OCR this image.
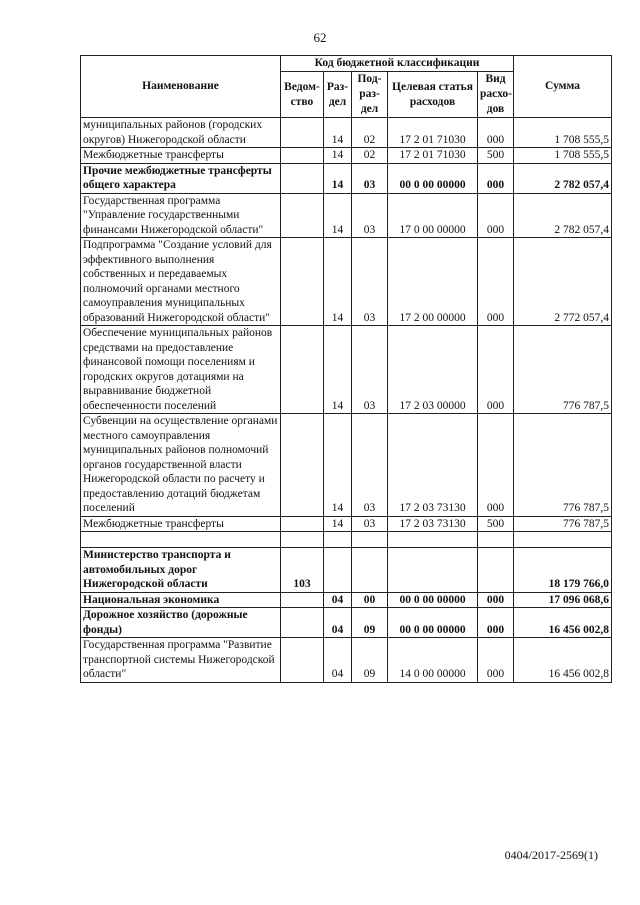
62
Наименование	Код бюджетной классификации					Сумма
	Ведом-ство	Раз-дел	Под-раз-дел	Целевая статья расходов	Вид расхо-дов	
муниципальных районов (городских округов) Нижегородской области		14	02	17 2 01 71030	000	1 708 555,5
Межбюджетные трансферты		14	02	17 2 01 71030	500	1 708 555,5
Прочие межбюджетные трансферты общего характера		14	03	00 0 00 00000	000	2 782 057,4
Государственная программа "Управление государственными финансами Нижегородской области"		14	03	17 0 00 00000	000	2 782 057,4
Подпрограмма "Создание условий для эффективного выполнения собственных и передаваемых полномочий органами местного самоуправления муниципальных образований Нижегородской области"		14	03	17 2 00 00000	000	2 772 057,4
Обеспечение муниципальных районов средствами на предоставление финансовой помощи поселениям и городских округов дотациями на выравнивание бюджетной обеспеченности поселений		14	03	17 2 03 00000	000	776 787,5
Субвенции на осуществление органами местного самоуправления муниципальных районов полномочий органов государственной власти Нижегородской области по расчету и предоставлению дотаций бюджетам поселений		14	03	17 2 03 73130	000	776 787,5
Межбюджетные трансферты		14	03	17 2 03 73130	500	776 787,5

Министерство транспорта и автомобильных дорог Нижегородской области	103					18 179 766,0
Национальная экономика		04	00	00 0 00 00000	000	17 096 068,6
Дорожное хозяйство (дорожные фонды)		04	09	00 0 00 00000	000	16 456 002,8
Государственная программа "Развитие транспортной системы Нижегородской области"		04	09	14 0 00 00000	000	16 456 002,8
0404/2017-2569(1)
